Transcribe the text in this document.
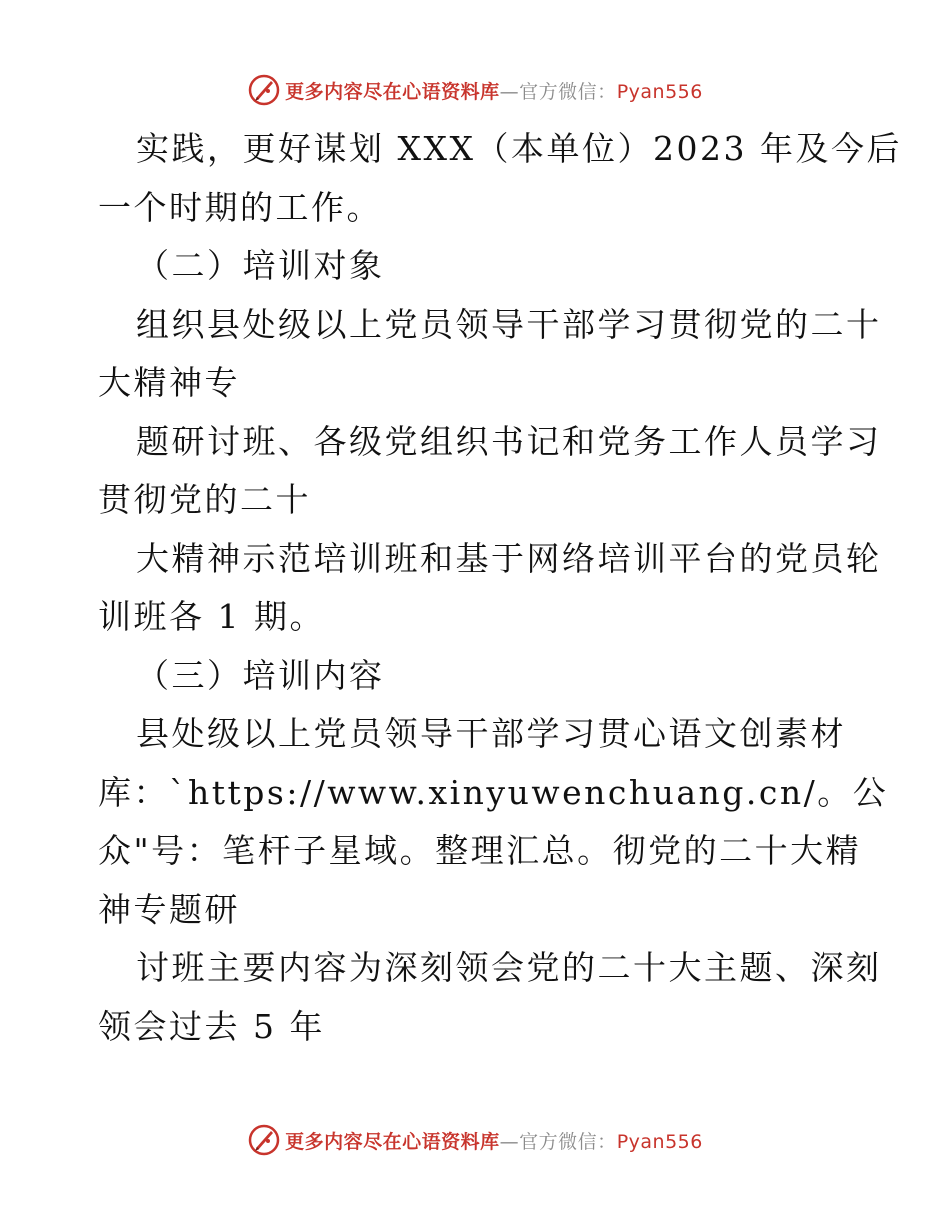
更多内容尽在心语资料库—官方微信：Pyan556
实践，更好谋划 XXX（本单位）2023 年及今后
一个时期的工作。
（二）培训对象
组织县处级以上党员领导干部学习贯彻党的二十
大精神专
题研讨班、各级党组织书记和党务工作人员学习
贯彻党的二十
大精神示范培训班和基于网络培训平台的党员轮
训班各 1 期。
（三）培训内容
县处级以上党员领导干部学习贯心语文创素材
库：`https://www.xinyuwenchuang.cn/。公
众"号：笔杆子星域。整理汇总。彻党的二十大精
神专题研
讨班主要内容为深刻领会党的二十大主题、深刻
领会过去 5 年
更多内容尽在心语资料库—官方微信：Pyan556
